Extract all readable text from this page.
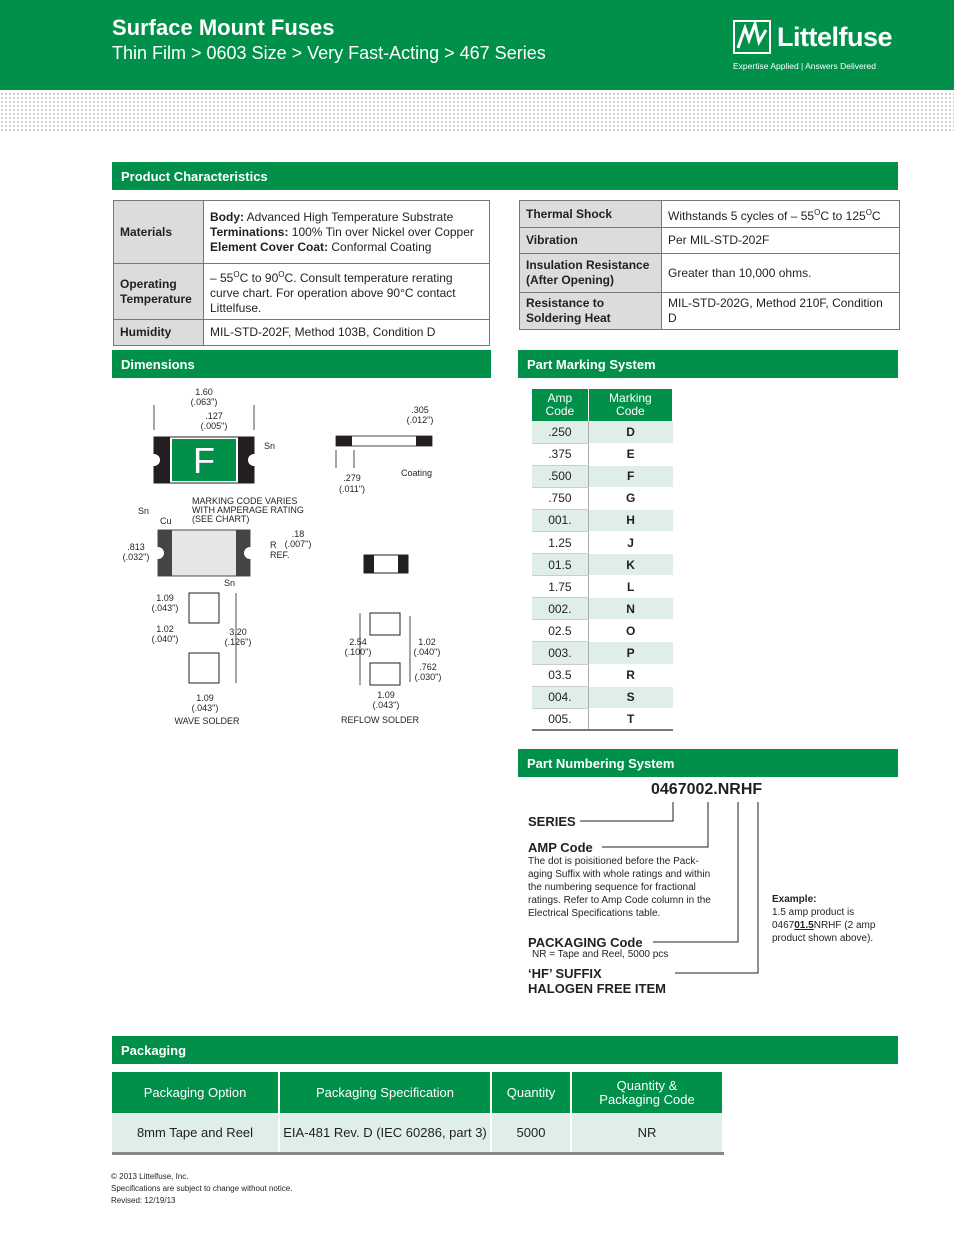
Surface Mount Fuses
Thin Film > 0603 Size > Very Fast-Acting > 467 Series
Littelfuse
Expertise Applied | Answers Delivered
Product Characteristics
Materials	Body: Advanced High Temperature Substrate
Terminations: 100% Tin over Nickel over Copper
Element Cover Coat: Conformal Coating

Operating Temperature	– $55^OC$ to $90^OC$. Consult temperature rerating curve chart. For operation above 90°C contact Littelfuse.
Humidity	MIL-STD-202F, Method 103B, Condition D
Thermal Shock	Withstands 5 cycles of – $55^OC$ to $125^OC$
Vibration	Per MIL-STD-202F
Insulation Resistance (After Opening)	Greater than 10,000 ohms.
Resistance to Soldering Heat	MIL-STD-202G, Method 210F, Condition D
Dimensions
1.60
(.063")
.127
(.005")
F	Sn
MARKING CODE VARIES
WITH AMPERAGE RATING
(SEE CHART)
.305
(.012")
Coating
.279
(.011")
Sn
Cu
.813
(.032")
.18
(.007")
R
REF.
Sn
1.09
(.043")
1.02
(.040")
3.20
(.126")
1.09
(.043")
WAVE SOLDER
2.54
(.100")
1.02
(.040")
.762
(.030")
1.09
(.043")
REFLOW SOLDER
Part Marking System
Amp
Code	Marking
Code
.250	D
.375	E
.500	F
.750	G
001.	H
1.25	J
01.5	K
1.75	L
002.	N
02.5	O
003.	P
03.5	R
004.	S
005.	T
Part Numbering System
0467002.NRHF
SERIES
AMP Code
The dot is poisitioned before the Pack-aging Suffix with whole ratings and within the numbering sequence for fractional ratings. Refer to Amp Code column in the Electrical Specifications table.
PACKAGING Code
NR = Tape and Reel, 5000 pcs
‘HF’ SUFFIX
HALOGEN FREE ITEM
Example:
1.5 amp product is
046701.5NRHF (2 amp
product shown above).
Packaging
Packaging Option	Packaging Specification	Quantity	Quantity & Packaging Code
8mm Tape and Reel	EIA-481 Rev. D (IEC 60286, part 3)	5000	NR
© 2013 Littelfuse, Inc.
Specifications are subject to change without notice.
Revised: 12/19/13
